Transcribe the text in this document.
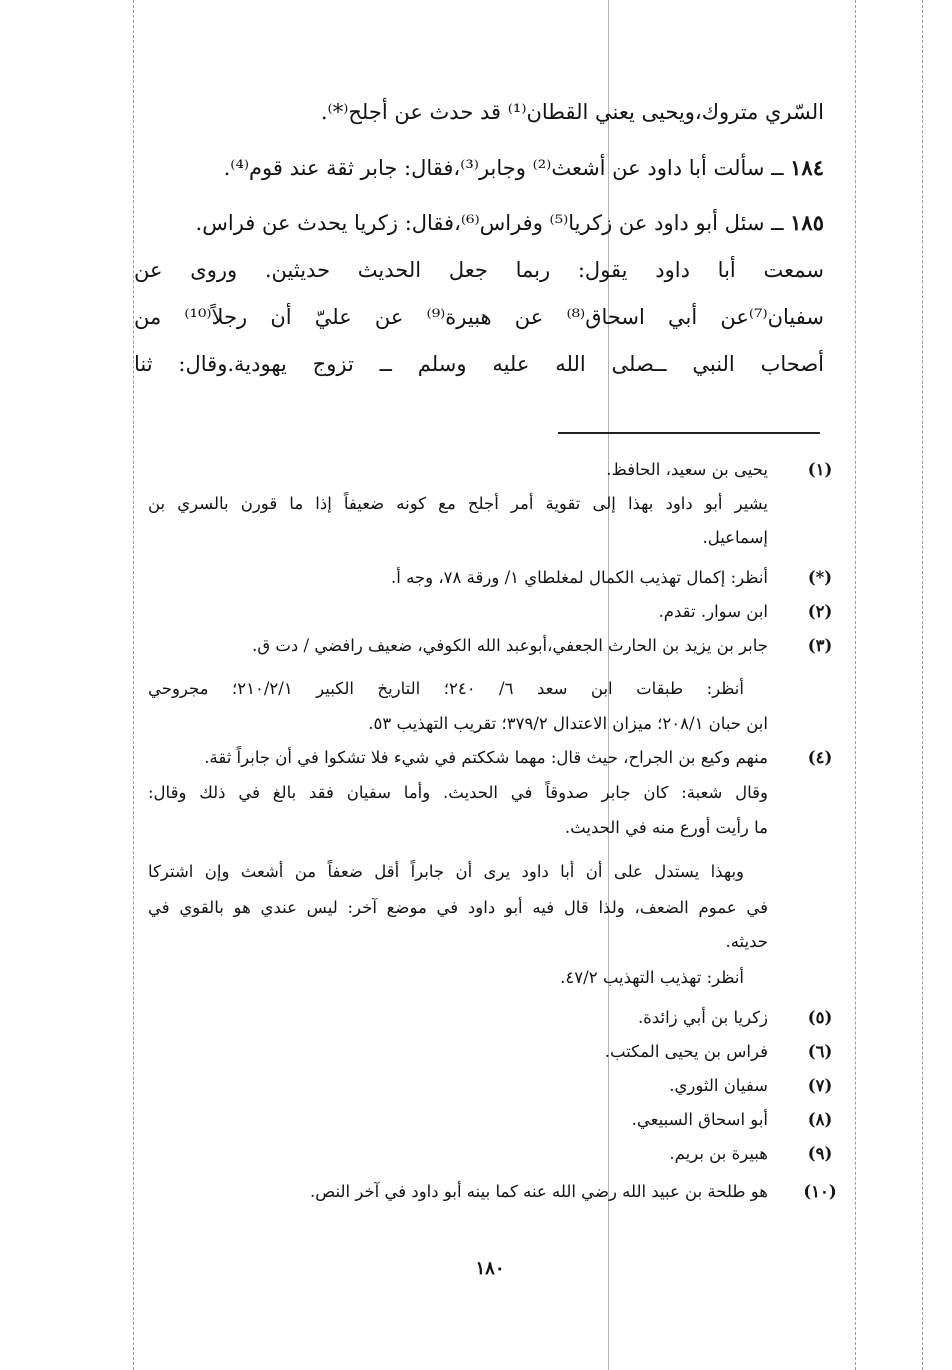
السّري متروك،ويحيى يعني القطان⁽¹⁾ قد حدث عن أجلح⁽*⁾.
١٨٤ ــ سألت أبا داود عن أشعث⁽²⁾ وجابر⁽³⁾،فقال: جابر ثقة عند قوم⁽⁴⁾.
١٨٥ ــ سئل أبو داود عن زكريا⁽⁵⁾ وفراس⁽⁶⁾،فقال: زكريا يحدث عن فراس.
سمعت أبا داود يقول: ربما جعل الحديث حديثين. وروى عن
سفيان⁽⁷⁾عن أبي اسحاق⁽⁸⁾ عن هبيرة⁽⁹⁾ عن عليّ أن رجلاً⁽¹⁰⁾ من
أصحاب النبي ــصلى الله عليه وسلم ــ تزوج يهودية.وقال: ثنا
(١)
يحيى بن سعيد، الحافظ.
يشير أبو داود بهذا إلى تقوية أمر أجلح مع كونه ضعيفاً إذا ما قورن بالسري بن
إسماعيل.
(*)
أنظر: إكمال تهذيب الكمال لمغلطاي ١/ ورقة ٧٨، وجه أ.
(٢)
ابن سوار. تقدم.
(٣)
جابر بن يزيد بن الحارث الجعفي،أبوعبد الله الكوفي، ضعيف رافضي / دت ق.
أنظر: طبقات ابن سعد ٦/ ٢٤٠؛ التاريخ الكبير ٢١٠/٢/١؛ مجروحي
ابن حبان ٢٠٨/١؛ ميزان الاعتدال ٣٧٩/٢؛ تقريب التهذيب ٥٣.
(٤)
منهم وكيع بن الجراح، حيث قال: مهما شككتم في شيء فلا تشكوا في أن جابراً ثقة.
وقال شعبة: كان جابر صدوقاً في الحديث. وأما سفيان فقد بالغ في ذلك وقال:
ما رأيت أورع منه في الحديث.
وبهذا يستدل على أن أبا داود يرى أن جابراً أقل ضعفاً من أشعث وإن اشتركا
في عموم الضعف، ولذا قال فيه أبو داود في موضع آخر: ليس عندي هو بالقوي في
حديثه.
أنظر: تهذيب التهذيب ٤٧/٢.
(٥)
زكريا بن أبي زائدة.
(٦)
فراس بن يحيى المكتب.
(٧)
سفيان الثوري.
(٨)
أبو اسحاق السبيعي.
(٩)
هبيرة بن بريم.
(١٠)
هو طلحة بن عبيد الله رضي الله عنه كما بينه أبو داود في آخر النص.
١٨٠
